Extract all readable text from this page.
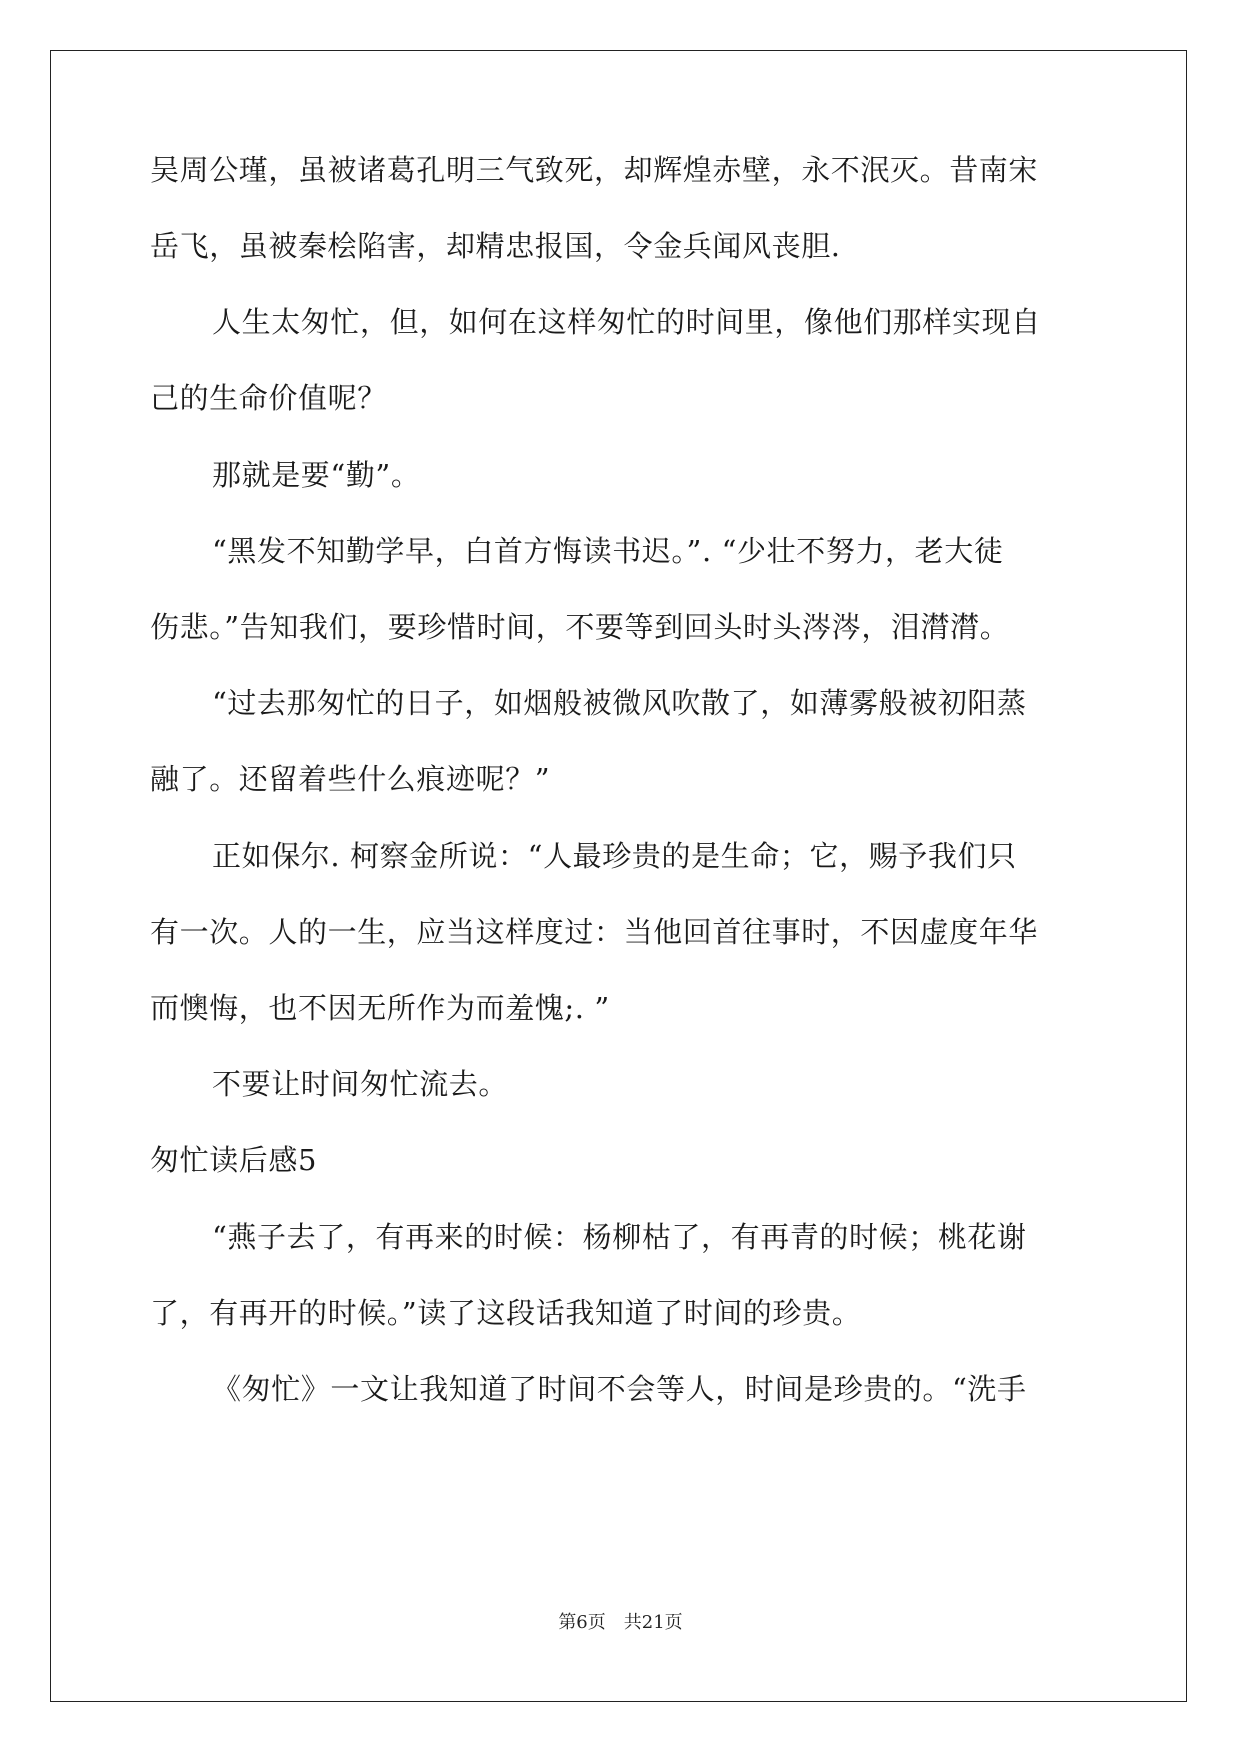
吴周公瑾，虽被诸葛孔明三气致死，却辉煌赤壁，永不泯灭。昔南宋
岳飞，虽被秦桧陷害，却精忠报国，令金兵闻风丧胆.
人生太匆忙，但，如何在这样匆忙的时间里，像他们那样实现自
己的生命价值呢？
那就是要“勤”。
“黑发不知勤学早，白首方悔读书迟。”. “少壮不努力，老大徒
伤悲。”告知我们，要珍惜时间，不要等到回头时头涔涔，泪潸潸。
“过去那匆忙的日子，如烟般被微风吹散了，如薄雾般被初阳蒸
融了。还留着些什么痕迹呢？”
正如保尔. 柯察金所说：“人最珍贵的是生命；它，赐予我们只
有一次。人的一生，应当这样度过：当他回首往事时，不因虚度年华
而懊悔，也不因无所作为而羞愧;. ”
不要让时间匆忙流去。
匆忙读后感5
“燕子去了，有再来的时候：杨柳枯了，有再青的时候；桃花谢
了，有再开的时候。”读了这段话我知道了时间的珍贵。
《匆忙》一文让我知道了时间不会等人，时间是珍贵的。“洗手
第6页 共21页
